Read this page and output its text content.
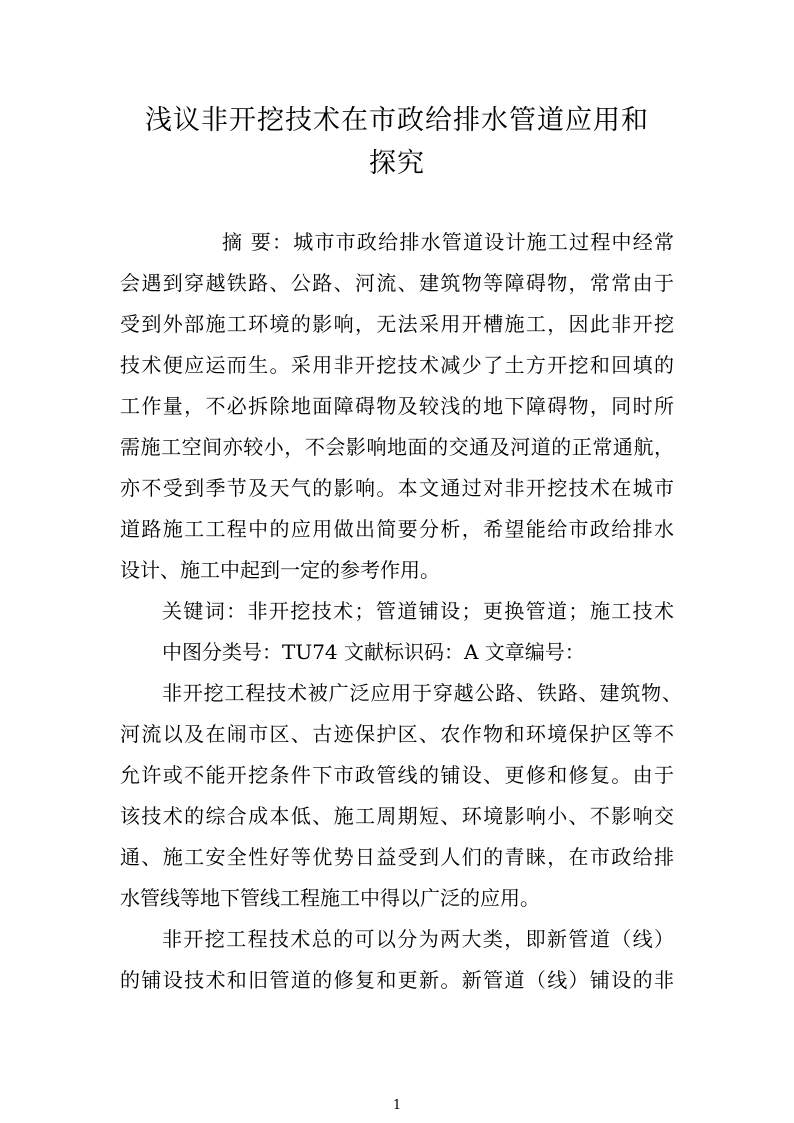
浅议非开挖技术在市政给排水管道应用和
探究

摘 要：城市市政给排水管道设计施工过程中经常

会遇到穿越铁路、公路、河流、建筑物等障碍物，常常由于

受到外部施工环境的影响，无法采用开槽施工，因此非开挖

技术便应运而生。采用非开挖技术减少了土方开挖和回填的

工作量，不必拆除地面障碍物及较浅的地下障碍物，同时所

需施工空间亦较小，不会影响地面的交通及河道的正常通航，

亦不受到季节及天气的影响。本文通过对非开挖技术在城市

道路施工工程中的应用做出简要分析，希望能给市政给排水

设计、施工中起到一定的参考作用。

关键词：非开挖技术；管道铺设；更换管道；施工技术

中图分类号：TU74 文献标识码：A 文章编号：

非开挖工程技术被广泛应用于穿越公路、铁路、建筑物、

河流以及在闹市区、古迹保护区、农作物和环境保护区等不

允许或不能开挖条件下市政管线的铺设、更修和修复。由于

该技术的综合成本低、施工周期短、环境影响小、不影响交

通、施工安全性好等优势日益受到人们的青睐，在市政给排

水管线等地下管线工程施工中得以广泛的应用。

非开挖工程技术总的可以分为两大类，即新管道（线）

的铺设技术和旧管道的修复和更新。新管道（线）铺设的非

1
